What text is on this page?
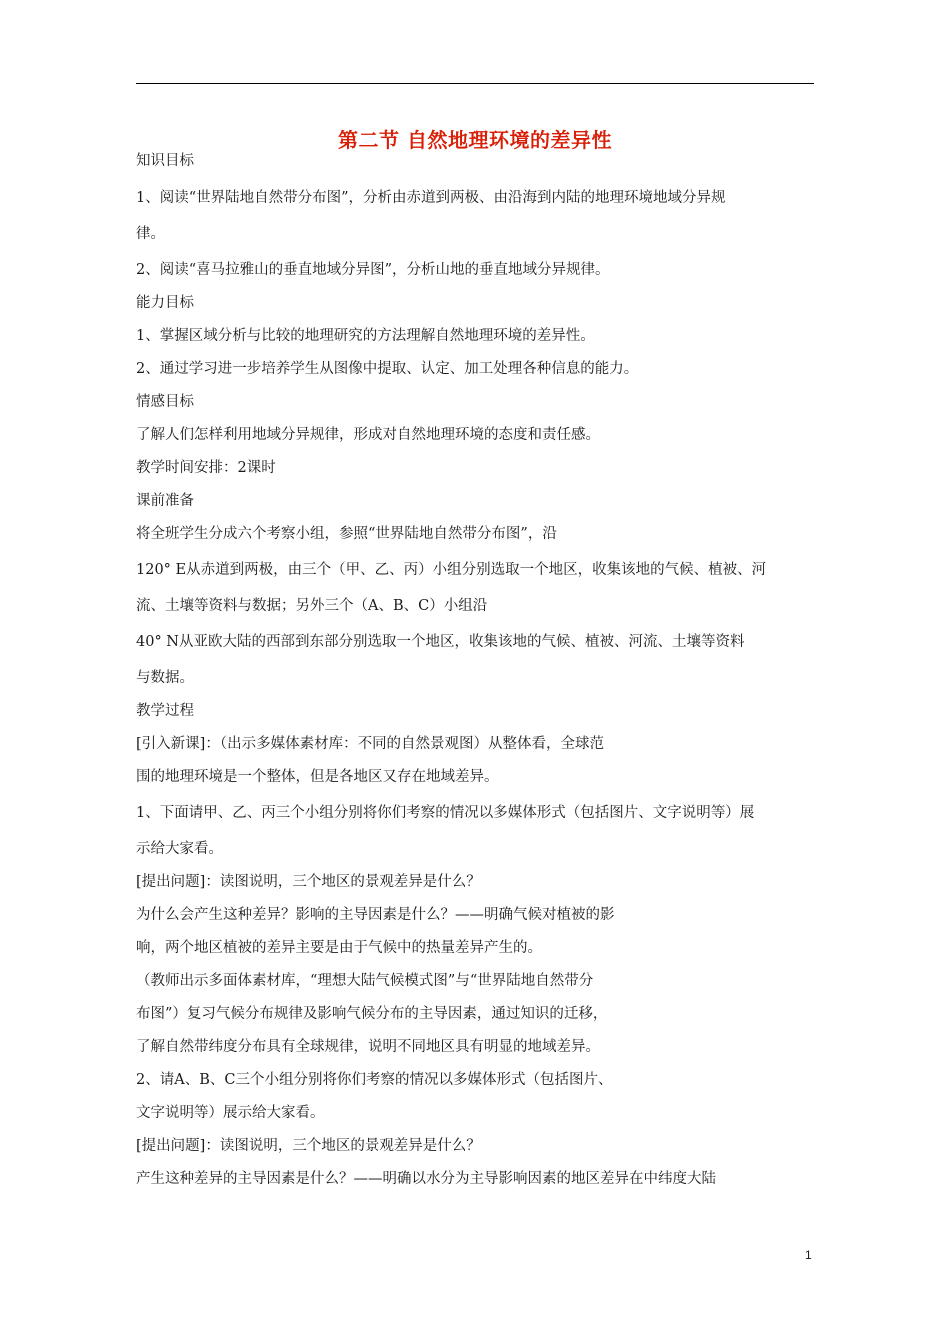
第二节 自然地理环境的差异性

知识目标

1、阅读“世界陆地自然带分布图”，分析由赤道到两极、由沿海到内陆的地理环境地域分异规

律。

2、阅读“喜马拉雅山的垂直地域分异图”，分析山地的垂直地域分异规律。

能力目标

1、掌握区域分析与比较的地理研究的方法理解自然地理环境的差异性。

2、通过学习进一步培养学生从图像中提取、认定、加工处理各种信息的能力。

情感目标

了解人们怎样利用地域分异规律，形成对自然地理环境的态度和责任感。

教学时间安排：2课时

课前准备

将全班学生分成六个考察小组，参照“世界陆地自然带分布图”，沿

120° E从赤道到两极，由三个（甲、乙、丙）小组分别选取一个地区，收集该地的气候、植被、河

流、土壤等资料与数据；另外三个（A、B、C）小组沿

40° N从亚欧大陆的西部到东部分别选取一个地区，收集该地的气候、植被、河流、土壤等资料

与数据。

教学过程

[引入新课]：（出示多媒体素材库：不同的自然景观图）从整体看，全球范

围的地理环境是一个整体，但是各地区又存在地域差异。

1、下面请甲、乙、丙三个小组分别将你们考察的情况以多媒体形式（包括图片、文字说明等）展

示给大家看。

[提出问题]：读图说明，三个地区的景观差异是什么？

为什么会产生这种差异？影响的主导因素是什么？——明确气候对植被的影

响，两个地区植被的差异主要是由于气候中的热量差异产生的。

（教师出示多面体素材库，“理想大陆气候模式图”与“世界陆地自然带分

布图”）复习气候分布规律及影响气候分布的主导因素，通过知识的迁移，

了解自然带纬度分布具有全球规律，说明不同地区具有明显的地域差异。

2、请A、B、C三个小组分别将你们考察的情况以多媒体形式（包括图片、

文字说明等）展示给大家看。

[提出问题]：读图说明，三个地区的景观差异是什么？

产生这种差异的主导因素是什么？——明确以水分为主导影响因素的地区差异在中纬度大陆

1
